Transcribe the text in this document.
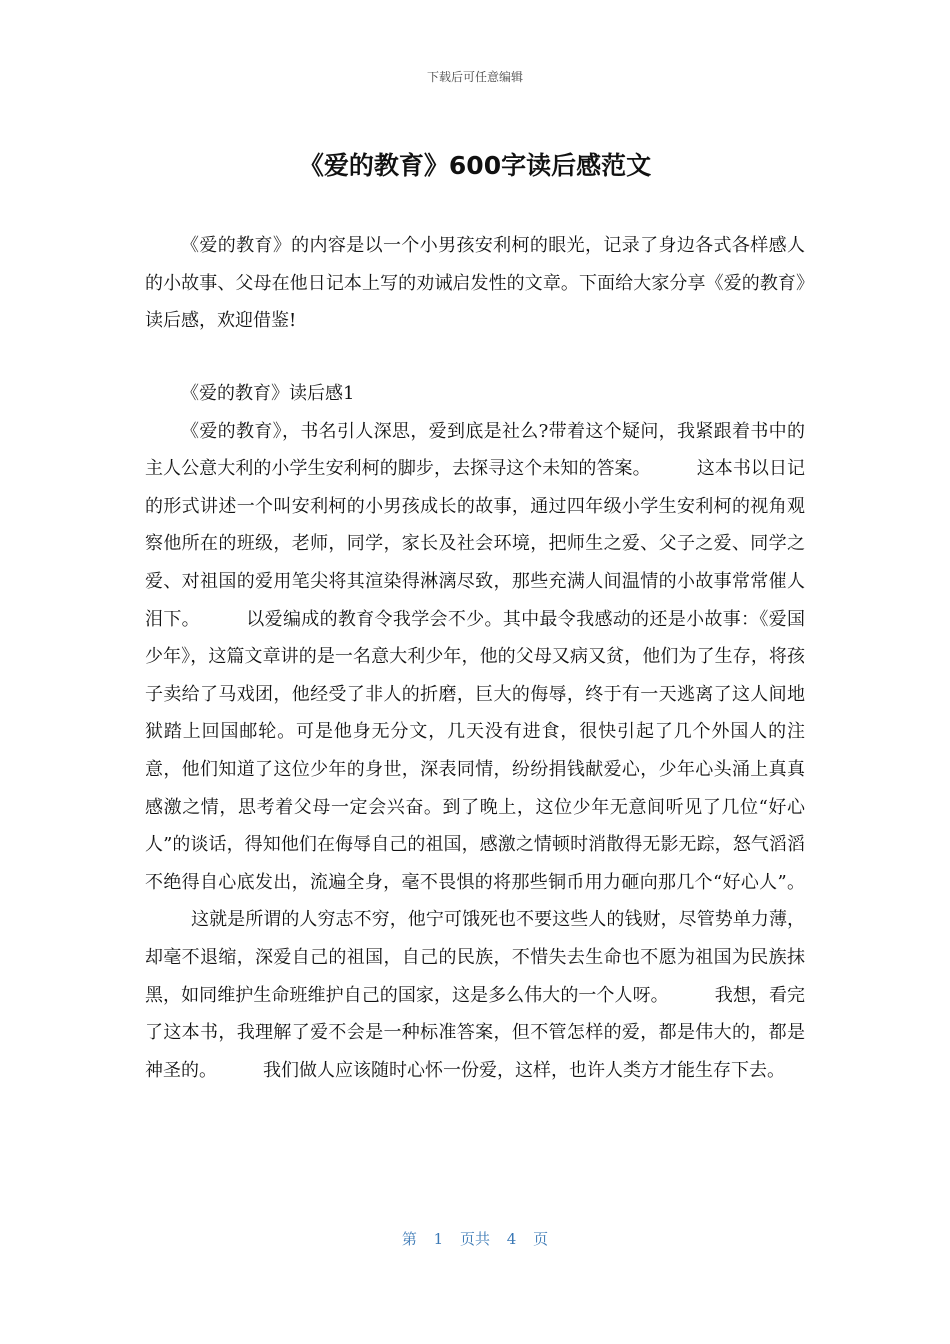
下载后可任意编辑
《爱的教育》600字读后感范文

《爱的教育》的内容是以一个小男孩安利柯的眼光，记录了身边各式各样感人的小故事、父母在他日记本上写的劝诫启发性的文章。下面给大家分享《爱的教育》读后感，欢迎借鉴!

《爱的教育》读后感1

《爱的教育》，书名引人深思，爱到底是社么?带着这个疑问，我紧跟着书中的主人公意大利的小学生安利柯的脚步，去探寻这个未知的答案。	这本书以日记的形式讲述一个叫安利柯的小男孩成长的故事，通过四年级小学生安利柯的视角观察他所在的班级，老师，同学，家长及社会环境，把师生之爱、父子之爱、同学之爱、对祖国的爱用笔尖将其渲染得淋漓尽致，那些充满人间温情的小故事常常催人泪下。	以爱编成的教育令我学会不少。其中最令我感动的还是小故事：《爱国少年》，这篇文章讲的是一名意大利少年，他的父母又病又贫，他们为了生存，将孩子卖给了马戏团，他经受了非人的折磨，巨大的侮辱，终于有一天逃离了这人间地狱踏上回国邮轮。可是他身无分文，几天没有进食，很快引起了几个外国人的注意，他们知道了这位少年的身世，深表同情，纷纷捐钱献爱心，少年心头涌上真真感激之情，思考着父母一定会兴奋。到了晚上，这位少年无意间听见了几位“好心人”的谈话，得知他们在侮辱自己的祖国，感激之情顿时消散得无影无踪，怒气滔滔不绝得自心底发出，流遍全身，毫不畏惧的将那些铜币用力砸向那几个“好心人”。这就是所谓的人穷志不穷，他宁可饿死也不要这些人的钱财，尽管势单力薄，却毫不退缩，深爱自己的祖国，自己的民族，不惜失去生命也不愿为祖国为民族抹黑，如同维护生命班维护自己的国家，这是多么伟大的一个人呀。	我想，看完了这本书，我理解了爱不会是一种标准答案，但不管怎样的爱，都是伟大的，都是神圣的。	我们做人应该随时心怀一份爱，这样，也许人类方才能生存下去。

第 1 页共 4 页
